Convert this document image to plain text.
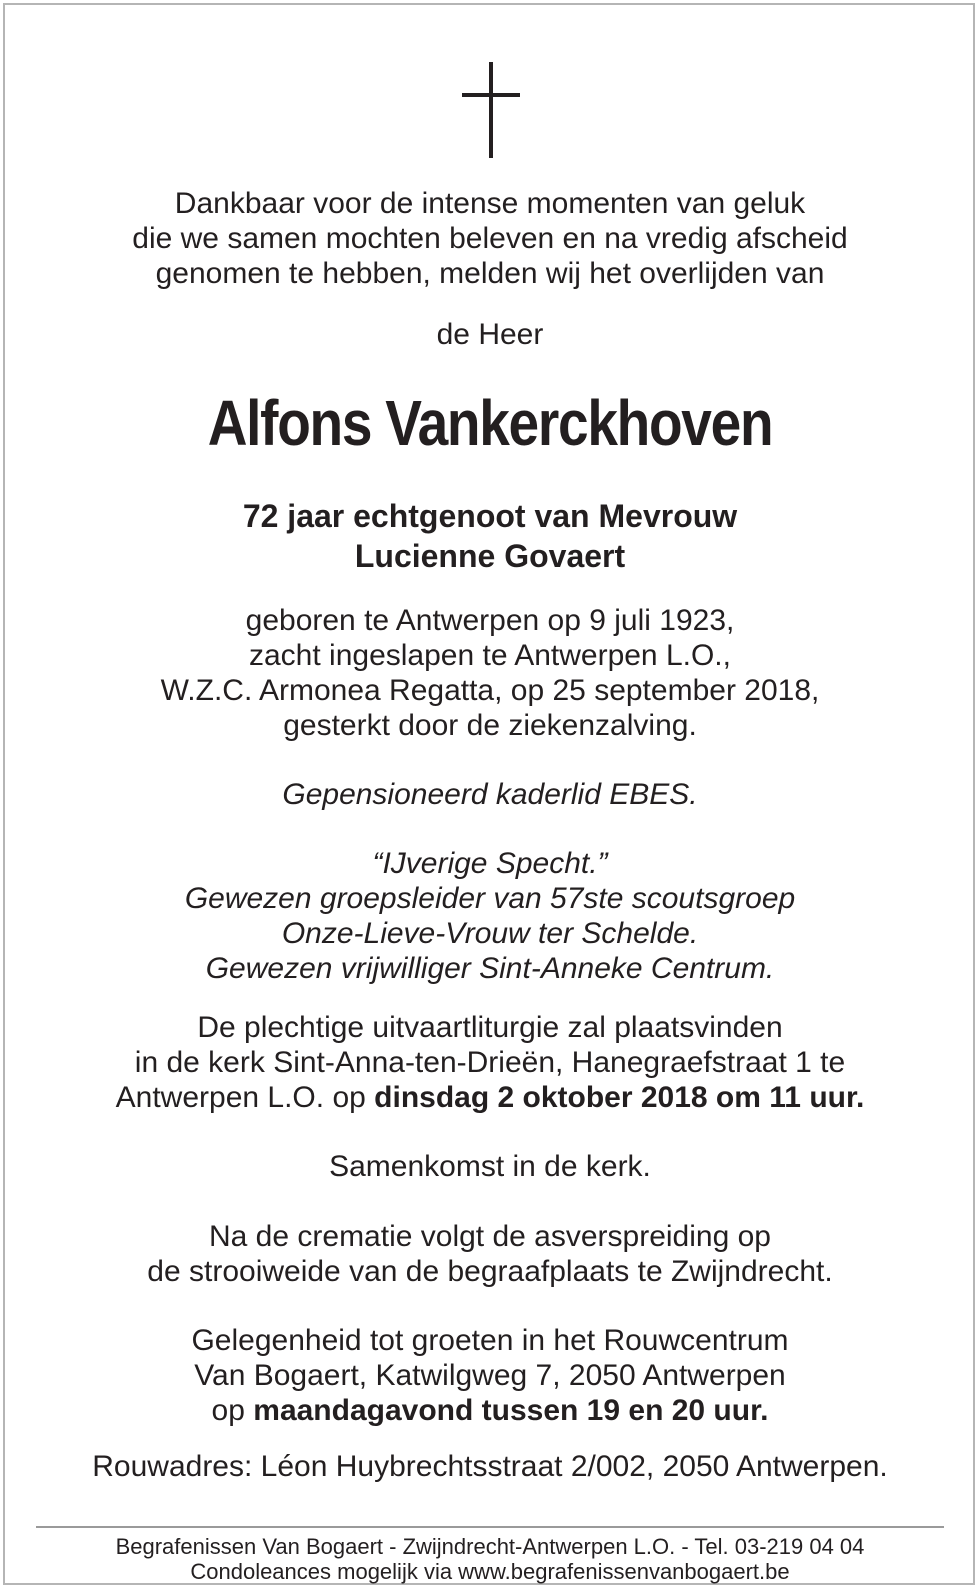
Dankbaar voor de intense momenten van geluk
die we samen mochten beleven en na vredig afscheid
genomen te hebben, melden wij het overlijden van
de Heer
Alfons Vankerckhoven
72 jaar echtgenoot van Mevrouw
Lucienne Govaert
geboren te Antwerpen op 9 juli 1923,
zacht ingeslapen te Antwerpen L.O.,
W.Z.C. Armonea Regatta, op 25 september 2018,
gesterkt door de ziekenzalving.
Gepensioneerd kaderlid EBES.
“IJverige Specht.”
Gewezen groepsleider van 57ste scoutsgroep
Onze-Lieve-Vrouw ter Schelde.
Gewezen vrijwilliger Sint-Anneke Centrum.
De plechtige uitvaartliturgie zal plaatsvinden
in de kerk Sint-Anna-ten-Drieën, Hanegraefstraat 1 te
Antwerpen L.O. op dinsdag 2 oktober 2018 om 11 uur.
Samenkomst in de kerk.
Na de crematie volgt de asverspreiding op
de strooiweide van de begraafplaats te Zwijndrecht.
Gelegenheid tot groeten in het Rouwcentrum
Van Bogaert, Katwilgweg 7, 2050 Antwerpen
op maandagavond tussen 19 en 20 uur.
Rouwadres: Léon Huybrechtsstraat 2/002, 2050 Antwerpen.
Begrafenissen Van Bogaert - Zwijndrecht-Antwerpen L.O. - Tel. 03-219 04 04
Condoleances mogelijk via www.begrafenissenvanbogaert.be
